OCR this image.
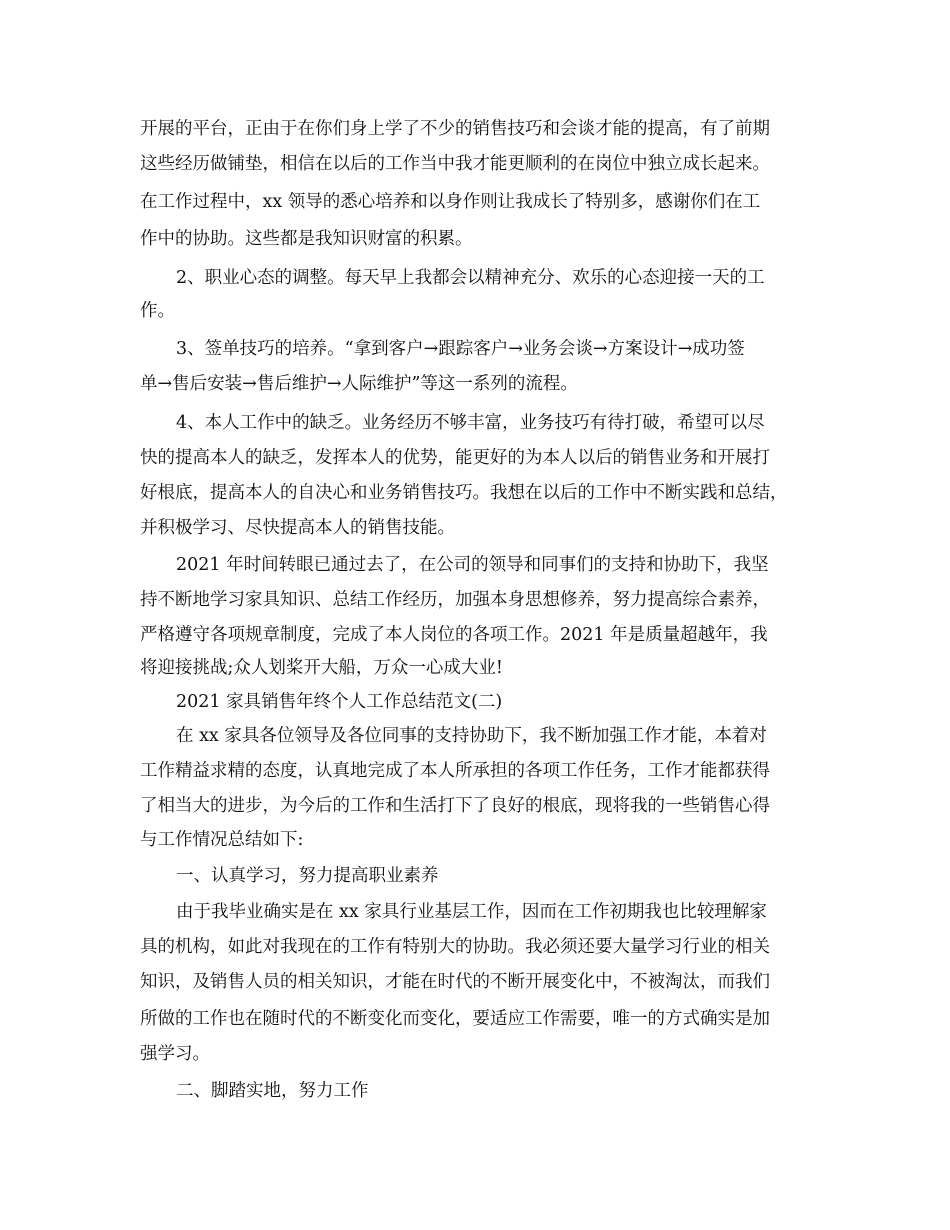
开展的平台，正由于在你们身上学了不少的销售技巧和会谈才能的提高，有了前期
这些经历做铺垫，相信在以后的工作当中我才能更顺利的在岗位中独立成长起来。
在工作过程中，xx 领导的悉心培养和以身作则让我成长了特别多，感谢你们在工
作中的协助。这些都是我知识财富的积累。
2、职业心态的调整。每天早上我都会以精神充分、欢乐的心态迎接一天的工
作。
3、签单技巧的培养。“拿到客户→跟踪客户→业务会谈→方案设计→成功签
单→售后安装→售后维护→人际维护”等这一系列的流程。
4、本人工作中的缺乏。业务经历不够丰富，业务技巧有待打破，希望可以尽
快的提高本人的缺乏，发挥本人的优势，能更好的为本人以后的销售业务和开展打
好根底，提高本人的自决心和业务销售技巧。我想在以后的工作中不断实践和总结，
并积极学习、尽快提高本人的销售技能。
2021 年时间转眼已通过去了，在公司的领导和同事们的支持和协助下，我坚
持不断地学习家具知识、总结工作经历，加强本身思想修养，努力提高综合素养，
严格遵守各项规章制度，完成了本人岗位的各项工作。2021 年是质量超越年，我
将迎接挑战;众人划桨开大船，万众一心成大业!
2021 家具销售年终个人工作总结范文(二)
在 xx 家具各位领导及各位同事的支持协助下，我不断加强工作才能，本着对
工作精益求精的态度，认真地完成了本人所承担的各项工作任务，工作才能都获得
了相当大的进步，为今后的工作和生活打下了良好的根底，现将我的一些销售心得
与工作情况总结如下:
一、认真学习，努力提高职业素养
由于我毕业确实是在 xx 家具行业基层工作，因而在工作初期我也比较理解家
具的机构，如此对我现在的工作有特别大的协助。我必须还要大量学习行业的相关
知识，及销售人员的相关知识，才能在时代的不断开展变化中，不被淘汰，而我们
所做的工作也在随时代的不断变化而变化，要适应工作需要，唯一的方式确实是加
强学习。
二、脚踏实地，努力工作
